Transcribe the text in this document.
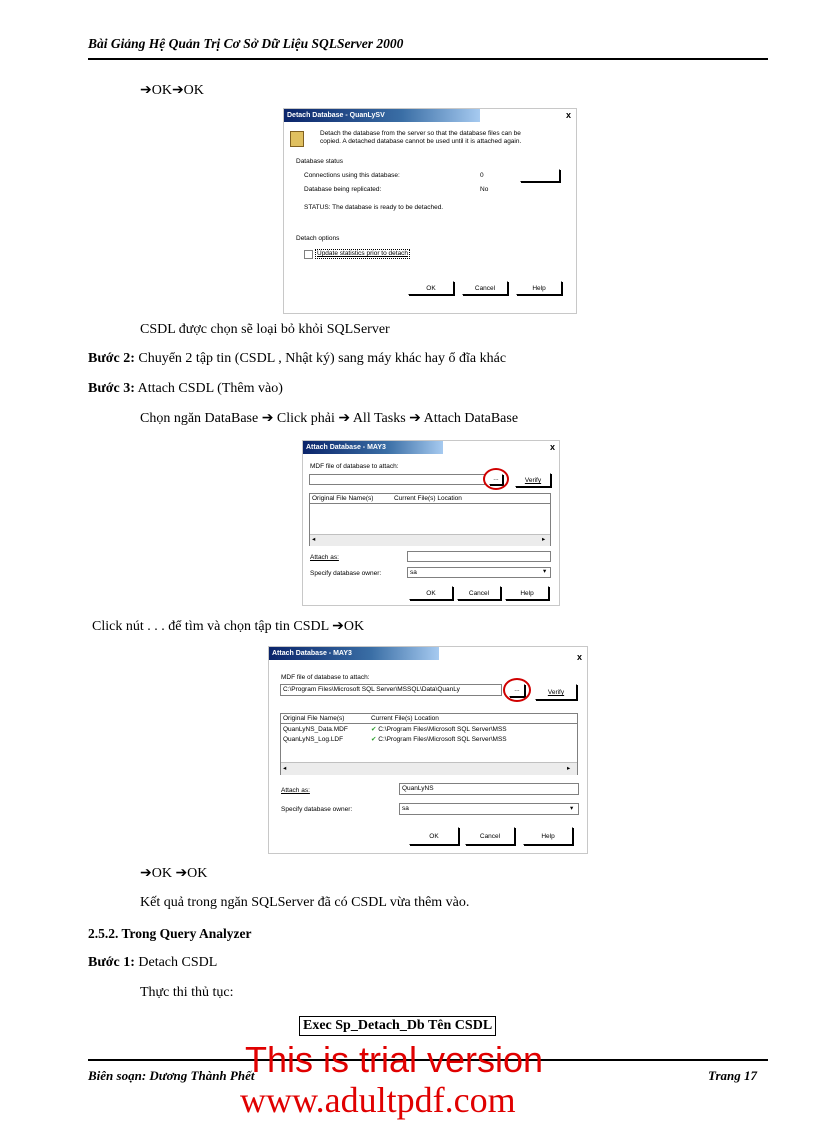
Bài Giảng Hệ Quản Trị Cơ Sở Dữ Liệu SQLServer 2000
➔OK➔OK
Detach Database - QuanLySV	x
Detach the database from the server so that the database files can be
copied. A detached database cannot be used until it is attached again.
Database status
Connections using this database:	0
Database being replicated:	No
STATUS: The database is ready to be detached.
Detach options
Update statistics prior to detach
OK	Cancel	Help
CSDL được chọn sẽ loại bỏ khỏi SQLServer
Bước 2: Chuyển 2 tập tin (CSDL , Nhật ký) sang máy khác hay ổ đĩa khác
Bước 3: Attach CSDL (Thêm vào)
Chọn ngăn DataBase ➔ Click phải ➔ All Tasks ➔ Attach DataBase
Attach Database - MAY3	x
MDF file of database to attach:
...	Verify
Original File Name(s)	Current File(s) Location
◂	▸
Attach as:
Specify database owner:	sa	▾
OK	Cancel	Help
Click nút . . . để tìm và chọn tập tin CSDL ➔OK
Attach Database - MAY3	x
MDF file of database to attach:
C:\Program Files\Microsoft SQL Server\MSSQL\Data\QuanLy	...	Verify
Original File Name(s)	Current File(s) Location
QuanLyNS_Data.MDF	✔ C:\Program Files\Microsoft SQL Server\MSS
QuanLyNS_Log.LDF	✔ C:\Program Files\Microsoft SQL Server\MSS
◂	▸
Attach as:	QuanLyNS
Specify database owner:	sa	▾
OK	Cancel	Help
➔OK ➔OK
Kết quả trong ngăn SQLServer đã có CSDL vừa thêm vào.
2.5.2. Trong Query Analyzer
Bước 1: Detach CSDL
Thực thi thủ tục:
Exec Sp_Detach_Db Tên CSDL
Biên soạn: Dương Thành Phết	Trang 17
This is trial version
www.adultpdf.com
